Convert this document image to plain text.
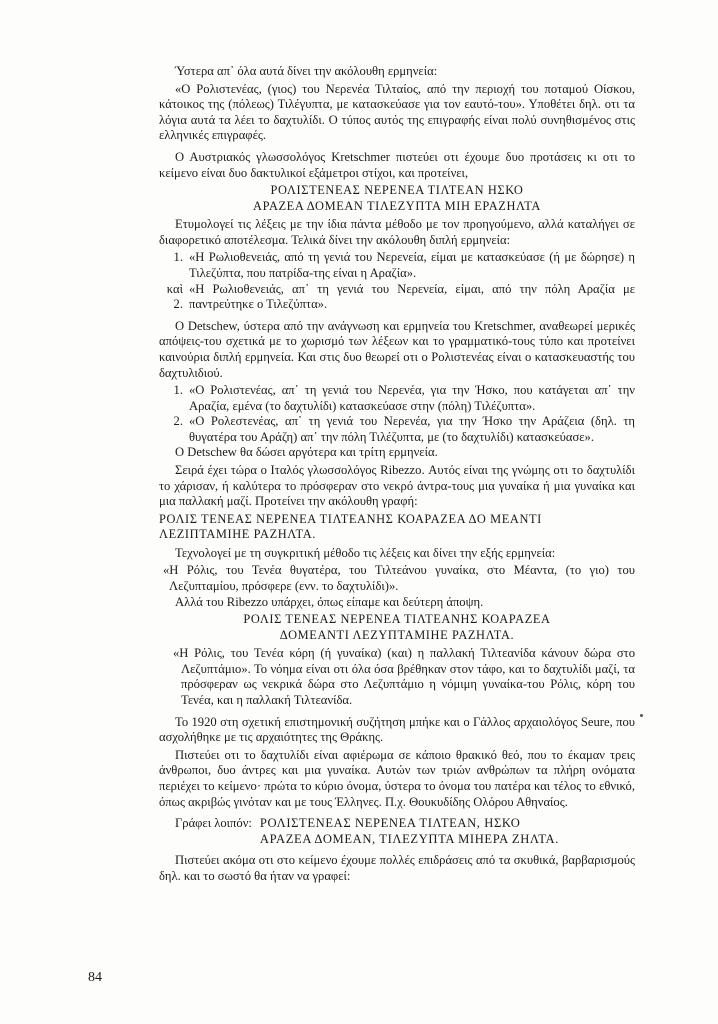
Ύστερα απ᾿ όλα αυτά δίνει την ακόλουθη ερμηνεία:

«Ο Ρολιστενέας, (γιος) του Νερενέα Τιλταίος, από την περιοχή του ποταμού Οίσκου, κάτοικος της (πόλεως) Τιλέγυπτα, με κατασκεύασε για τον εαυτό-του». Υποθέτει δηλ. οτι τα λόγια αυτά τα λέει το δαχτυλίδι. Ο τύπος αυτός της επιγραφής είναι πολύ συνηθισμένος στις ελληνικές επιγραφές.

Ο Αυστριακός γλωσσολόγος Kretschmer πιστεύει οτι έχουμε δυο προτάσεις κι οτι το κείμενο είναι δυο δακτυλικοί εξάμετροι στίχοι, και προτείνει,

ΡΟΛΙΣΤΕΝΕΑΣ ΝΕΡΕΝΕΑ ΤΙΛΤΕΑΝ ΗΣΚΟ
ΑΡΑΖΕΑ ΔΟΜΕΑΝ ΤΙΛΕΖΥΠΤΑ ΜΙΗ ΕΡΑΖΗΛΤΑ

Ετυμολογεί τις λέξεις με την ίδια πάντα μέθοδο με τον προηγούμενο, αλλά καταλήγει σε διαφορετικό αποτέλεσμα. Τελικά δίνει την ακόλουθη διπλή ερμηνεία:

1. «Η Ρωλιοθενειάς, από τη γενιά του Νερενεία, είμαι με κατασκεύασε (ή με δώρησε) η Τιλεζύπτα, που πατρίδα-της είναι η Αραζία».
καὶ 2.
«Η Ρωλιοθενειάς, απ᾿ τη γενιά του Νερενεία, είμαι, από την πόλη Αραζία με παντρεύτηκε ο Τιλεζύπτα».

Ο Detschew, ύστερα από την ανάγνωση και ερμηνεία του Kretschmer, αναθεωρεί μερικές απόψεις-του σχετικά με το χωρισμό των λέξεων και το γραμματικό-τους τύπο και προτείνει καινούρια διπλή ερμηνεία. Και στις δυο θεωρεί οτι ο Ρολιστενέας είναι ο κατασκευαστής του δαχτυλιδιού.

1. «Ο Ρολιστενέας, απ᾿ τη γενιά του Νερενέα, για την Ήσκο, που κατάγεται απ᾿ την Αραζία, εμένα (το δαχτυλίδι) κατασκεύασε στην (πόλη) Τιλέζυπτα».
2. «Ο Ρολεστενέας, απ᾿ τη γενιά του Νερενέα, για την Ήσκο την Αράζεια (δηλ. τη θυγατέρα του Αράζη) απ᾿ την πόλη Τιλέζυπτα, με (το δαχτυλίδι) κατασκεύασε».

Ο Detschew θα δώσει αργότερα και τρίτη ερμηνεία.

Σειρά έχει τώρα ο Ιταλός γλωσσολόγος Ribezzo. Αυτός είναι της γνώμης οτι το δαχτυλίδι το χάρισαν, ή καλύτερα το πρόσφεραν στο νεκρό άντρα-τους μια γυναίκα ή μια γυναίκα και μια παλλακή μαζί. Προτείνει την ακόλουθη γραφή:

ΡΟΛΙΣ ΤΕΝΕΑΣ ΝΕΡΕΝΕΑ ΤΙΛΤΕΑΝΗΣ ΚΟΑΡΑΖΕΑ ΔΟ ΜΕΑΝΤΙ
ΛΕΖΙΠΤΑΜΙΗΕ ΡΑΖΗΛΤΑ.

Τεχνολογεί με τη συγκριτική μέθοδο τις λέξεις και δίνει την εξής ερμηνεία:

«Η Ρόλις, του Τενέα θυγατέρα, του Τιλτεάνου γυναίκα, στο Μέαντα, (το γιο) του Λεζυπταμίου, πρόσφερε (ενν. το δαχτυλίδι)».

Αλλά του Ribezzo υπάρχει, όπως είπαμε και δεύτερη άποψη.

ΡΟΛΙΣ ΤΕΝΕΑΣ ΝΕΡΕΝΕΑ ΤΙΛΤΕΑΝΗΣ ΚΟΑΡΑΖΕΑ
ΔΟΜΕΑΝΤΙ ΛΕΖΥΠΤΑΜΙΗΕ ΡΑΖΗΛΤΑ.

«Η Ρόλις, του Τενέα κόρη (ή γυναίκα) (και) η παλλακή Τιλτεανίδα κάνουν δώρα στο Λεζυπτάμιο». Το νόημα είναι οτι όλα όσα βρέθηκαν στον τάφο, και το δαχτυλίδι μαζί, τα πρόσφεραν ως νεκρικά δώρα στο Λεζυπτάμιο η νόμιμη γυναίκα-του Ρόλις, κόρη του Τενέα, και η παλλακή Τιλτεανίδα.

Το 1920 στη σχετική επιστημονική συζήτηση μπήκε και ο Γάλλος αρχαιολόγος Seure, που ασχολήθηκε με τις αρχαιότητες της Θράκης.

Πιστεύει οτι το δαχτυλίδι είναι αφιέρωμα σε κάποιο θρακικό θεό, που το έκαμαν τρεις άνθρωποι, δυο άντρες και μια γυναίκα. Αυτών των τριών ανθρώπων τα πλήρη ονόματα περιέχει το κείμενο· πρώτα το κύριο όνομα, ύστερα το όνομα του πατέρα και τέλος το εθνικό, όπως ακριβώς γινόταν και με τους Έλληνες. Π.χ. Θουκυδίδης Ολόρου Αθηναίος.

Γράφει λοιπόν: ΡΟΛΙΣΤΕΝΕΑΣ ΝΕΡΕΝΕΑ ΤΙΛΤΕΑΝ, ΗΣΚΟ
ΑΡΑΖΕΑ ΔΟΜΕΑΝ, ΤΙΛΕΖΥΠΤΑ ΜΙΗΕΡΑ ΖΗΛΤΑ.

Πιστεύει ακόμα οτι στο κείμενο έχουμε πολλές επιδράσεις από τα σκυθικά, βαρβαρισμούς δηλ. και το σωστό θα ήταν να γραφεί:

84
